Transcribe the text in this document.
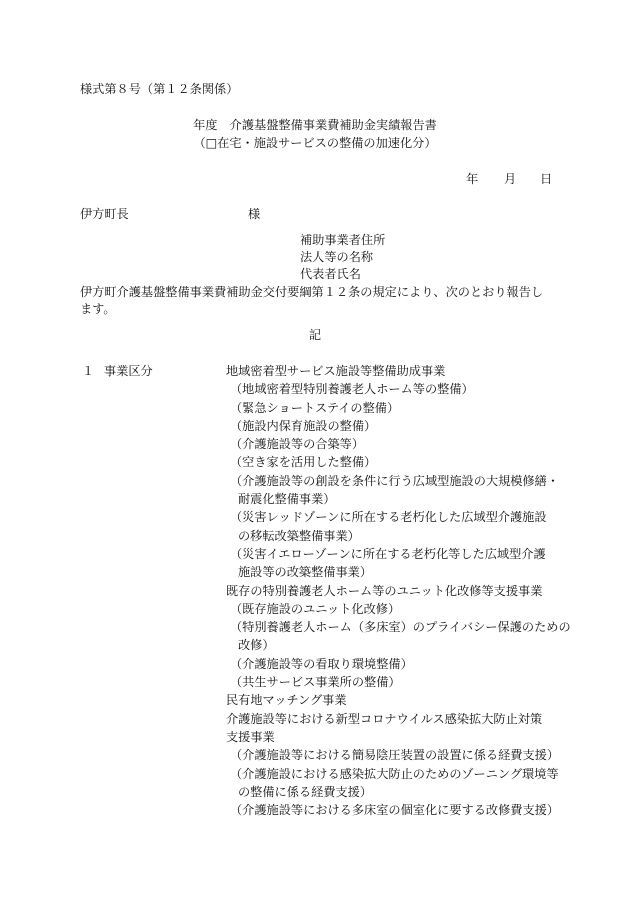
様式第８号（第１２条関係）
年度　介護基盤整備事業費補助金実績報告書
（□在宅・施設サービスの整備の加速化分）
年 月 日
伊方町長	様
補助事業者住所
法人等の名称
代表者氏名
伊方町介護基盤整備事業費補助金交付要綱第１２条の規定により、次のとおり報告します。
記
１ 事業区分	地域密着型サービス施設等整備助成事業
（地域密着型特別養護老人ホーム等の整備）
（緊急ショートステイの整備）
（施設内保育施設の整備）
（介護施設等の合築等）
（空き家を活用した整備）
（介護施設等の創設を条件に行う広域型施設の大規模修繕・
耐震化整備事業）
（災害レッドゾーンに所在する老朽化した広域型介護施設
の移転改築整備事業）
（災害イエローゾーンに所在する老朽化等した広域型介護
施設等の改築整備事業）
既存の特別養護老人ホーム等のユニット化改修等支援事業
（既存施設のユニット化改修）
（特別養護老人ホーム（多床室）のプライバシー保護のための
改修）
（介護施設等の看取り環境整備）
（共生サービス事業所の整備）
民有地マッチング事業
介護施設等における新型コロナウイルス感染拡大防止対策
支援事業
（介護施設等における簡易陰圧装置の設置に係る経費支援）
（介護施設における感染拡大防止のためのゾーニング環境等
の整備に係る経費支援）
（介護施設等における多床室の個室化に要する改修費支援）
